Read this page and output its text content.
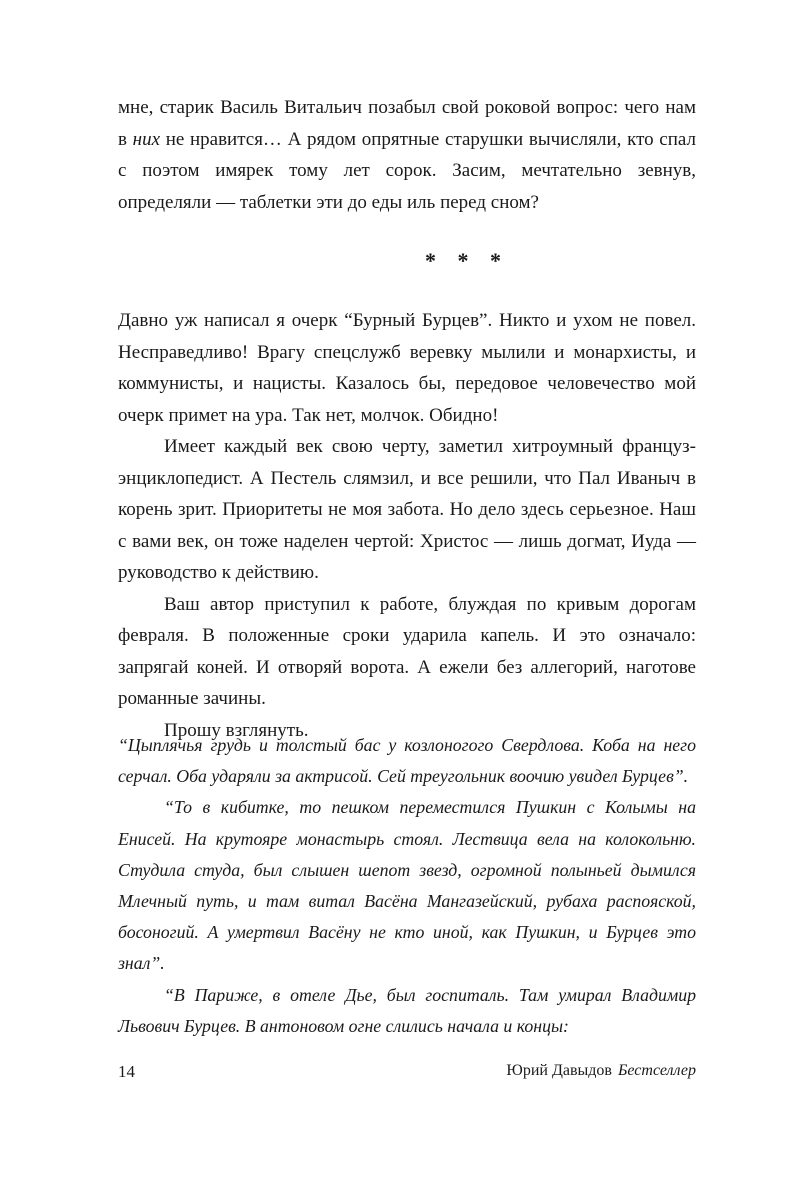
мне, старик Василь Витальич позабыл свой роковой вопрос: чего нам в них не нравится… А рядом опрятные старушки вычисляли, кто спал с поэтом имярек тому лет сорок. Засим, мечтательно зевнув, определяли — таблетки эти до еды иль перед сном?

* * *

Давно уж написал я очерк “Бурный Бурцев”. Никто и ухом не повел. Несправедливо! Врагу спецслужб веревку мылили и монархисты, и коммунисты, и нацисты. Казалось бы, передовое человечество мой очерк примет на ура. Так нет, молчок. Обидно!

Имеет каждый век свою черту, заметил хитроумный француз-энциклопедист. А Пестель слямзил, и все решили, что Пал Иваныч в корень зрит. Приоритеты не моя забота. Но дело здесь серьезное. Наш с вами век, он тоже наделен чертой: Христос — лишь догмат, Иуда — руководство к действию.

Ваш автор приступил к работе, блуждая по кривым дорогам февраля. В положенные сроки ударила капель. И это означало: запрягай коней. И отворяй ворота. А ежели без аллегорий, наготове романные зачины.

Прошу взглянуть.

“Цыплячья грудь и толстый бас у козлоногого Свердлова. Коба на него серчал. Оба ударяли за актрисой. Сей треугольник воочию увидел Бурцев”.

“То в кибитке, то пешком переместился Пушкин с Колымы на Енисей. На крутояре монастырь стоял. Лествица вела на колокольню. Студила студа, был слышен шепот звезд, огромной полыньей дымился Млечный путь, и там витал Васёна Мангазейский, рубаха распояской, босоногий. А умертвил Васёну не кто иной, как Пушкин, и Бурцев это знал”.

“В Париже, в отеле Дье, был госпиталь. Там умирал Владимир Львович Бурцев. В антоновом огне слились начала и концы:

14	Юрий Давыдов Бестселлер
